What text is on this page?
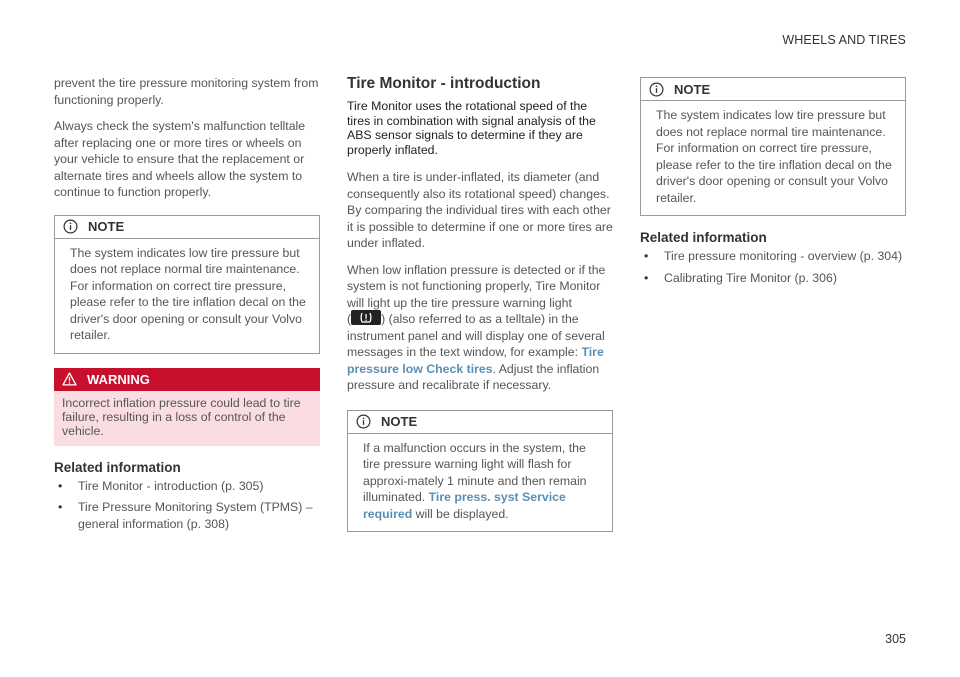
WHEELS AND TIRES

prevent the tire pressure monitoring system from functioning properly.

Always check the system's malfunction telltale after replacing one or more tires or wheels on your vehicle to ensure that the replacement or alternate tires and wheels allow the system to continue to function properly.

NOTE
The system indicates low tire pressure but does not replace normal tire maintenance. For information on correct tire pressure, please refer to the tire inflation decal on the driver's door opening or consult your Volvo retailer.
WARNING
Incorrect inflation pressure could lead to tire failure, resulting in a loss of control of the vehicle.
Related information
• Tire Monitor - introduction (p. 305)
• Tire Pressure Monitoring System (TPMS) – general information (p. 308)
Tire Monitor - introduction

Tire Monitor uses the rotational speed of the tires in combination with signal analysis of the ABS sensor signals to determine if they are properly inflated.

When a tire is under-inflated, its diameter (and consequently also its rotational speed) changes. By comparing the individual tires with each other it is possible to determine if one or more tires are under inflated.

When low inflation pressure is detected or if the system is not functioning properly, Tire Monitor will light up the tire pressure warning light
( ) (also referred to as a telltale) in the instrument panel and will display one of several messages in the text window, for example: Tire pressure low Check tires. Adjust the inflation pressure and recalibrate if necessary.

NOTE
If a malfunction occurs in the system, the tire pressure warning light will flash for approxi-mately 1 minute and then remain illuminated. Tire press. syst Service required will be displayed.
NOTE
The system indicates low tire pressure but does not replace normal tire maintenance. For information on correct tire pressure, please refer to the tire inflation decal on the driver's door opening or consult your Volvo retailer.
Related information
• Tire pressure monitoring - overview (p. 304)
• Calibrating Tire Monitor (p. 306)
305
